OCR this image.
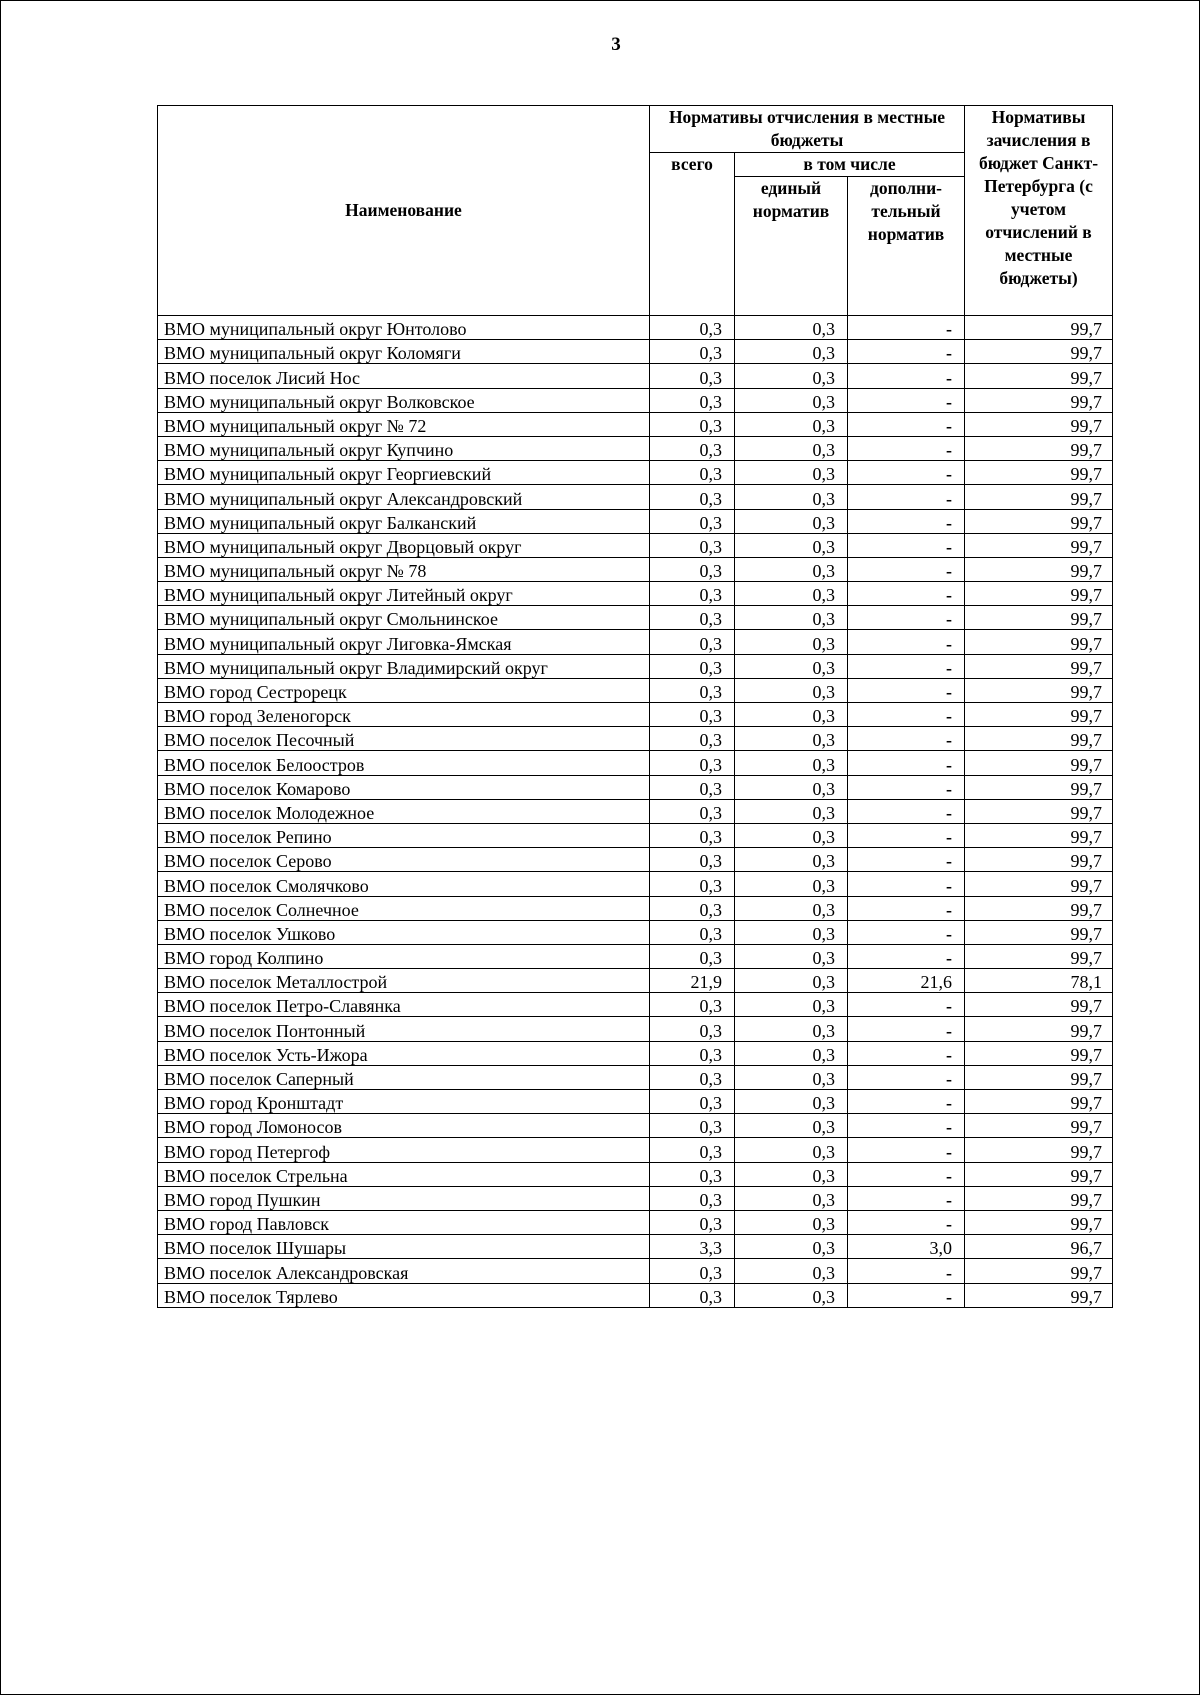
3
Наименование	Нормативы отчисления в местные бюджеты			Нормативы зачисления в бюджет Санкт- Петербурга (с учетом отчислений в местные бюджеты)
	всего	в том числе		
		единый норматив	дополни- тельный норматив	
ВМО муниципальный округ Юнтолово	0,3	0,3	-	99,7
ВМО муниципальный округ Коломяги	0,3	0,3	-	99,7
ВМО поселок Лисий Нос	0,3	0,3	-	99,7
ВМО муниципальный округ Волковское	0,3	0,3	-	99,7
ВМО муниципальный округ № 72	0,3	0,3	-	99,7
ВМО муниципальный округ Купчино	0,3	0,3	-	99,7
ВМО муниципальный округ Георгиевский	0,3	0,3	-	99,7
ВМО муниципальный округ Александровский	0,3	0,3	-	99,7
ВМО муниципальный округ Балканский	0,3	0,3	-	99,7
ВМО муниципальный округ Дворцовый округ	0,3	0,3	-	99,7
ВМО муниципальный округ № 78	0,3	0,3	-	99,7
ВМО муниципальный округ Литейный округ	0,3	0,3	-	99,7
ВМО муниципальный округ Смольнинское	0,3	0,3	-	99,7
ВМО муниципальный округ Лиговка-Ямская	0,3	0,3	-	99,7
ВМО муниципальный округ Владимирский округ	0,3	0,3	-	99,7
ВМО город Сестрорецк	0,3	0,3	-	99,7
ВМО город Зеленогорск	0,3	0,3	-	99,7
ВМО поселок Песочный	0,3	0,3	-	99,7
ВМО поселок Белоостров	0,3	0,3	-	99,7
ВМО поселок Комарово	0,3	0,3	-	99,7
ВМО поселок Молодежное	0,3	0,3	-	99,7
ВМО поселок Репино	0,3	0,3	-	99,7
ВМО поселок Серово	0,3	0,3	-	99,7
ВМО поселок Смолячково	0,3	0,3	-	99,7
ВМО поселок Солнечное	0,3	0,3	-	99,7
ВМО поселок Ушково	0,3	0,3	-	99,7
ВМО город Колпино	0,3	0,3	-	99,7
ВМО поселок Металлострой	21,9	0,3	21,6	78,1
ВМО поселок Петро-Славянка	0,3	0,3	-	99,7
ВМО поселок Понтонный	0,3	0,3	-	99,7
ВМО поселок Усть-Ижора	0,3	0,3	-	99,7
ВМО поселок Саперный	0,3	0,3	-	99,7
ВМО город Кронштадт	0,3	0,3	-	99,7
ВМО город Ломоносов	0,3	0,3	-	99,7
ВМО город Петергоф	0,3	0,3	-	99,7
ВМО поселок Стрельна	0,3	0,3	-	99,7
ВМО город Пушкин	0,3	0,3	-	99,7
ВМО город Павловск	0,3	0,3	-	99,7
ВМО поселок Шушары	3,3	0,3	3,0	96,7
ВМО поселок Александровская	0,3	0,3	-	99,7
ВМО поселок Тярлево	0,3	0,3	-	99,7
